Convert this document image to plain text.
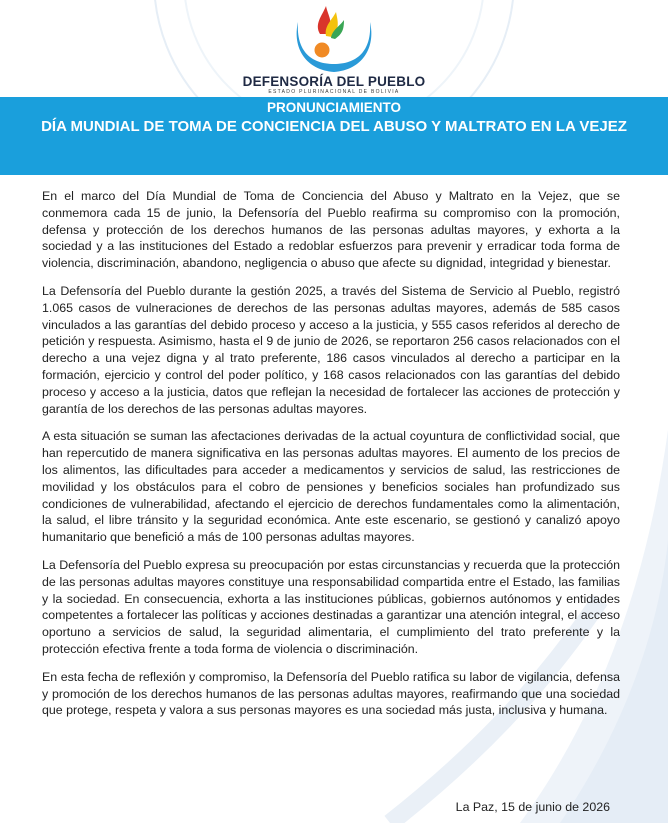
DEFENSORÍA DEL PUEBLO
ESTADO PLURINACIONAL DE BOLIVIA
PRONUNCIAMIENTO
DÍA MUNDIAL DE TOMA DE CONCIENCIA DEL ABUSO Y MALTRATO EN LA VEJEZ

En el marco del Día Mundial de Toma de Conciencia del Abuso y Maltrato en la Vejez, que se conmemora cada 15 de junio, la Defensoría del Pueblo reafirma su compromiso con la promoción, defensa y protección de los derechos humanos de las personas adultas mayores, y exhorta a la sociedad y a las instituciones del Estado a redoblar esfuerzos para prevenir y erradicar toda forma de violencia, discriminación, abandono, negligencia o abuso que afecte su dignidad, integridad y bienestar.

La Defensoría del Pueblo durante la gestión 2025, a través del Sistema de Servicio al Pueblo, registró 1.065 casos de vulneraciones de derechos de las personas adultas mayores, además de 585 casos vinculados a las garantías del debido proceso y acceso a la justicia, y 555 casos referidos al derecho de petición y respuesta. Asimismo, hasta el 9 de junio de 2026, se reportaron 256 casos relacionados con el derecho a una vejez digna y al trato preferente, 186 casos vinculados al derecho a participar en la formación, ejercicio y control del poder político, y 168 casos relacionados con las garantías del debido proceso y acceso a la justicia, datos que reflejan la necesidad de fortalecer las acciones de protección y garantía de los derechos de las personas adultas mayores.

A esta situación se suman las afectaciones derivadas de la actual coyuntura de conflictividad social, que han repercutido de manera significativa en las personas adultas mayores. El aumento de los precios de los alimentos, las dificultades para acceder a medicamentos y servicios de salud, las restricciones de movilidad y los obstáculos para el cobro de pensiones y beneficios sociales han profundizado sus condiciones de vulnerabilidad, afectando el ejercicio de derechos fundamentales como la alimentación, la salud, el libre tránsito y la seguridad económica. Ante este escenario, se gestionó y canalizó apoyo humanitario que benefició a más de 100 personas adultas mayores.

La Defensoría del Pueblo expresa su preocupación por estas circunstancias y recuerda que la protección de las personas adultas mayores constituye una responsabilidad compartida entre el Estado, las familias y la sociedad. En consecuencia, exhorta a las instituciones públicas, gobiernos autónomos y entidades competentes a fortalecer las políticas y acciones destinadas a garantizar una atención integral, el acceso oportuno a servicios de salud, la seguridad alimentaria, el cumplimiento del trato preferente y la protección efectiva frente a toda forma de violencia o discriminación.

En esta fecha de reflexión y compromiso, la Defensoría del Pueblo ratifica su labor de vigilancia, defensa y promoción de los derechos humanos de las personas adultas mayores, reafirmando que una sociedad que protege, respeta y valora a sus personas mayores es una sociedad más justa, inclusiva y humana.

La Paz, 15 de junio de 2026
